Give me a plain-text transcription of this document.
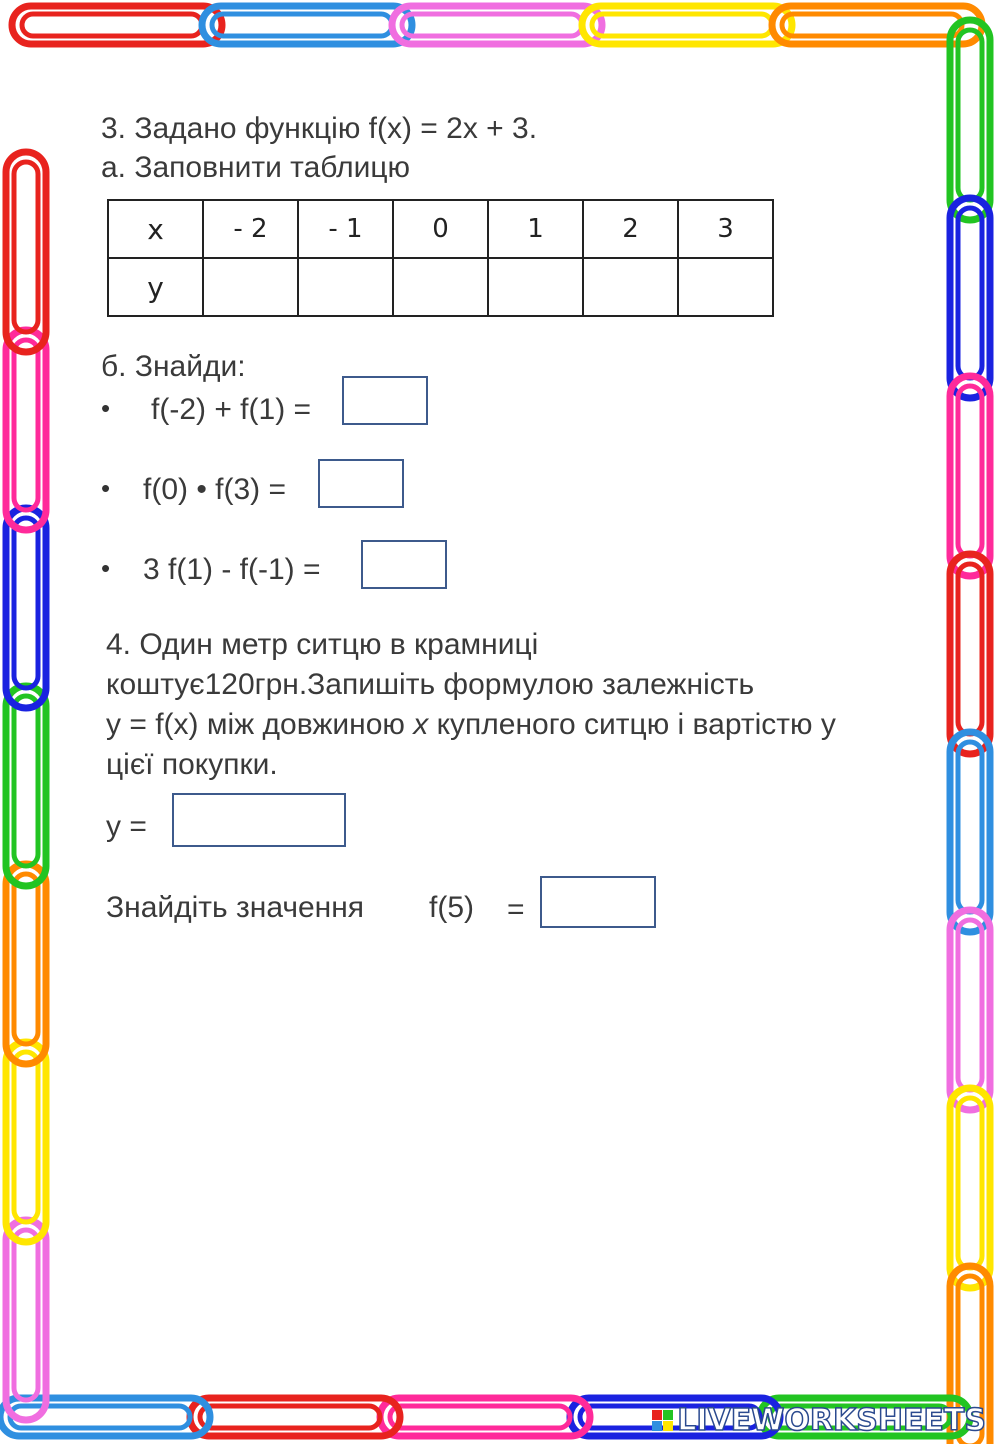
3. Задано функцію f(x) = 2x + 3.
а. Заповнити таблицю
x	- 2	- 1	0	1	2	3
y						
б. Знайди:
• f(-2) + f(1) =
• f(0) • f(3) =
• 3 f(1) - f(-1) =
4. Один метр ситцю в крамниці
коштує120грн.Запишіть формулою залежність
y = f(x) між довжиною x купленого ситцю і вартістю у
цієї покупки.
y =
Знайдіть значення f(5) =
LIVEWORKSHEETS
